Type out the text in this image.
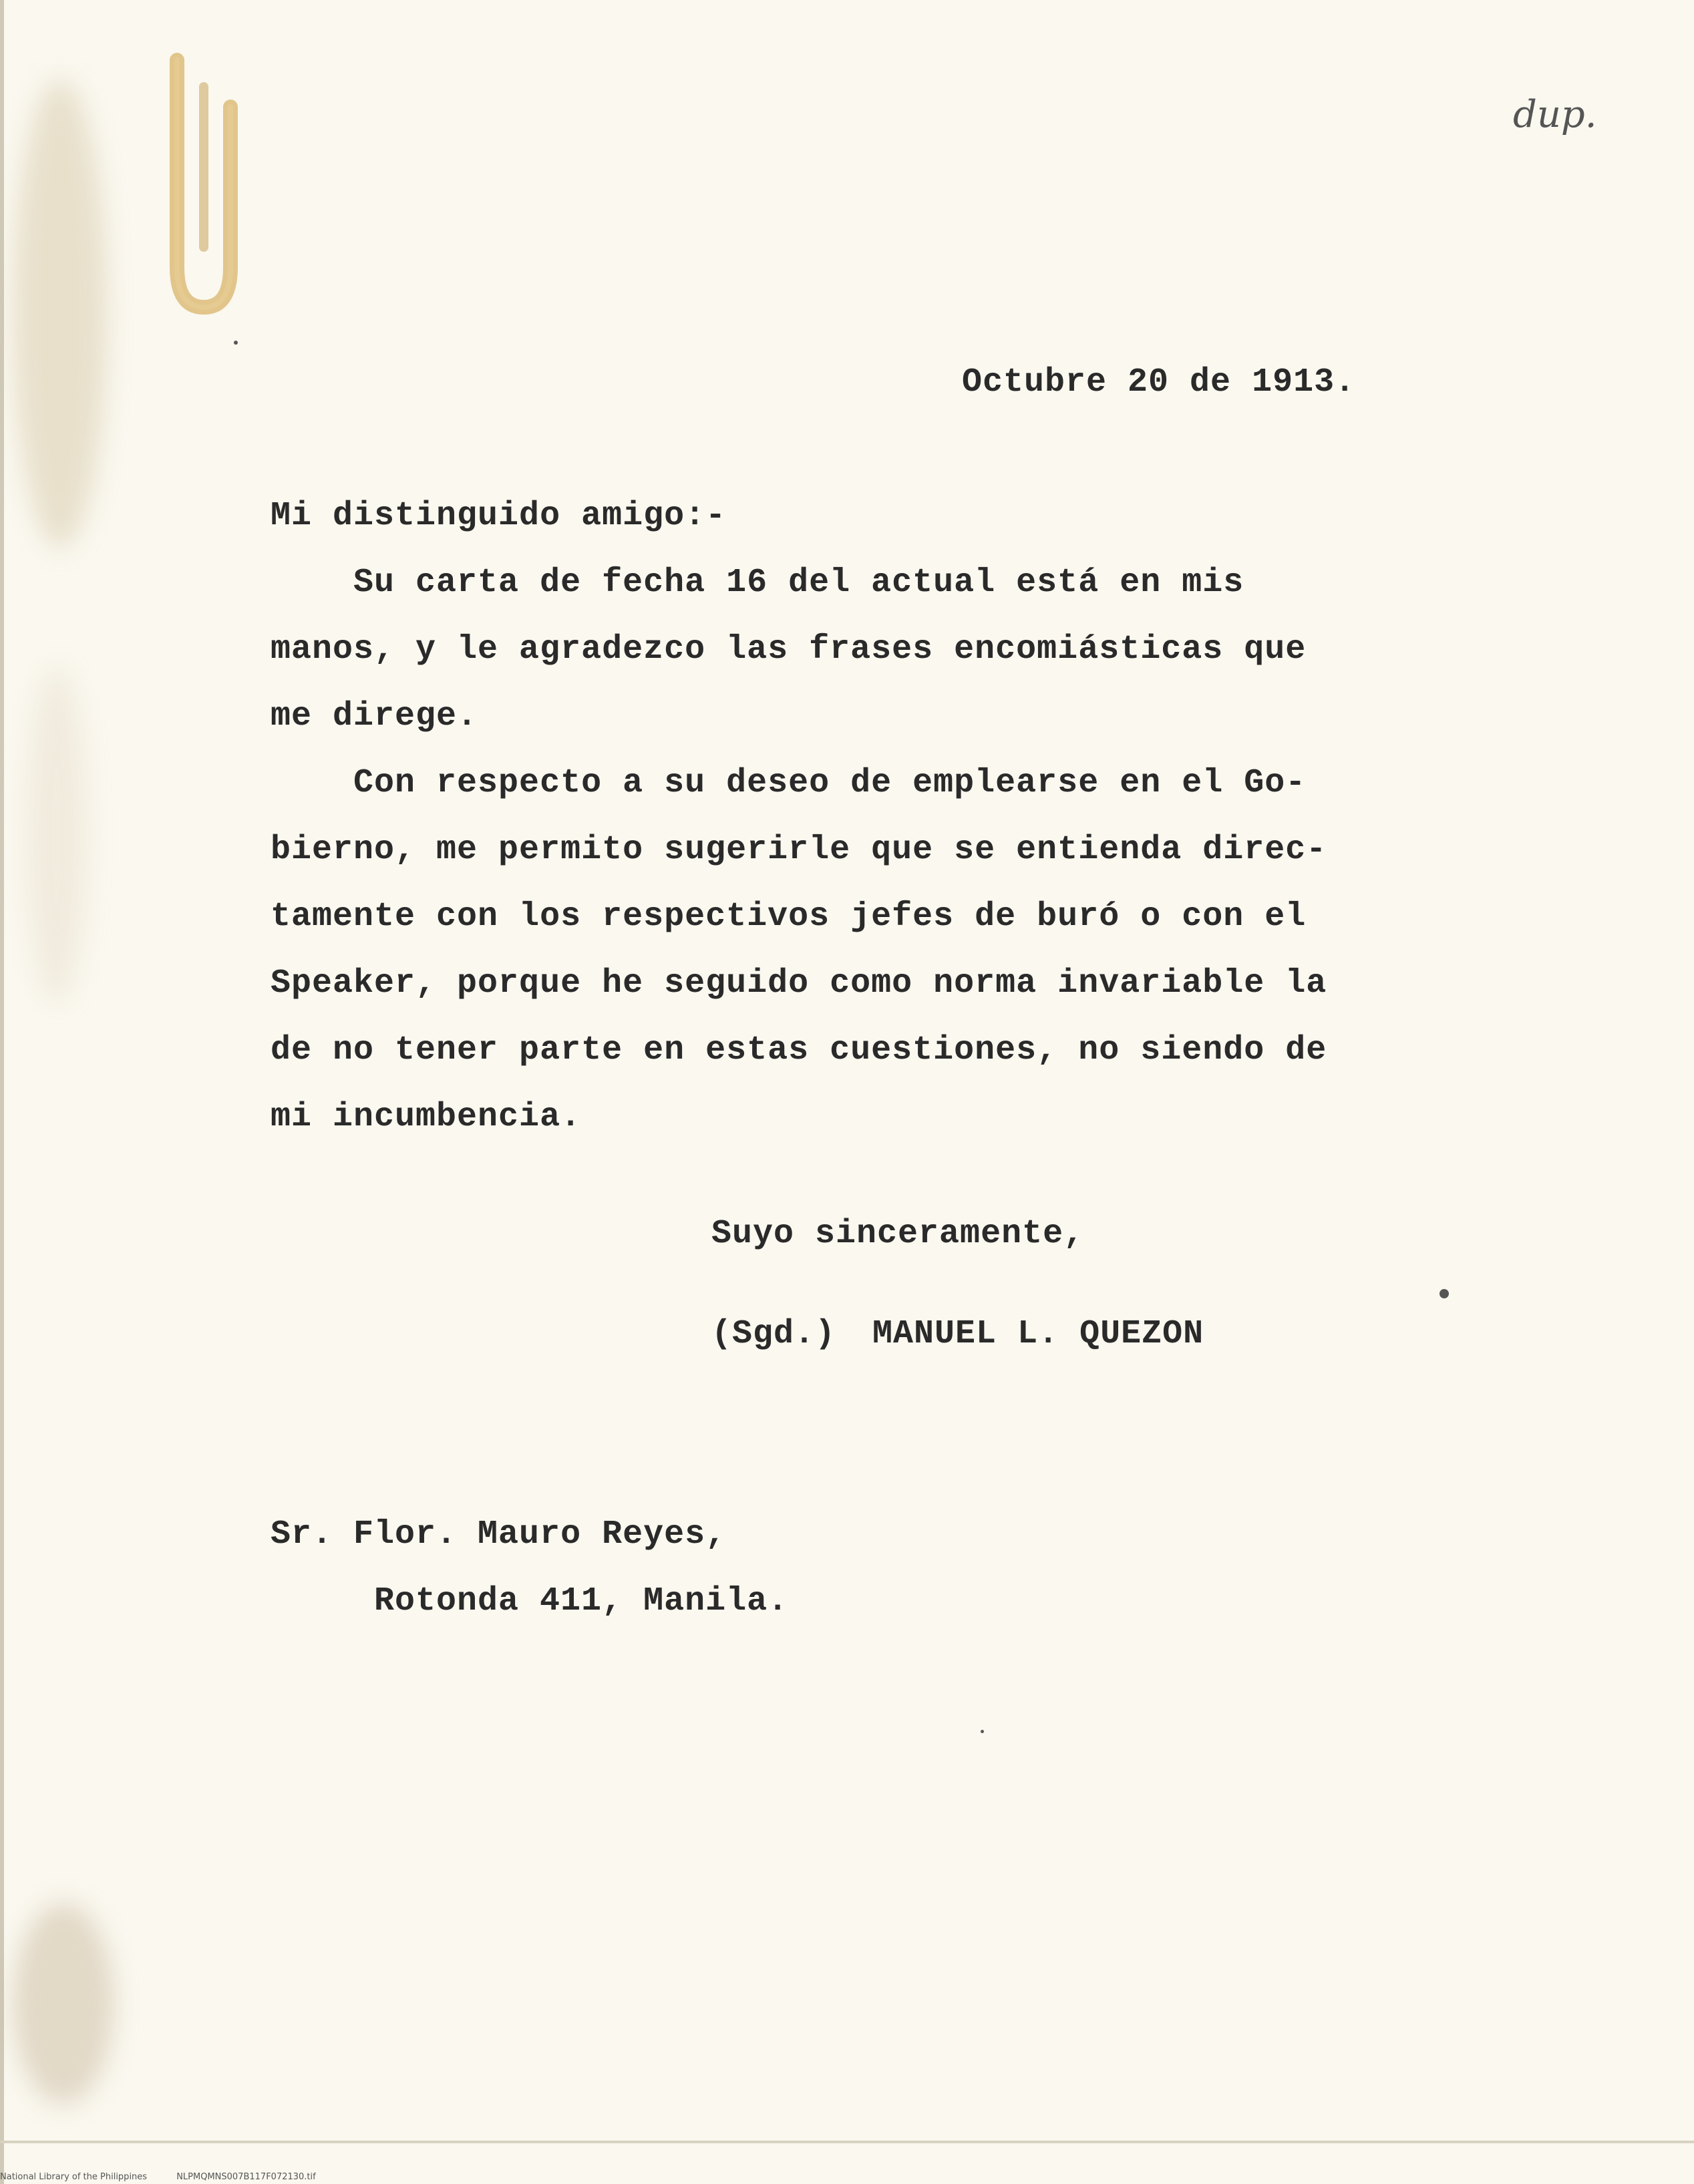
dup.

Octubre 20 de 1913.

Mi distinguido amigo:-

Su carta de fecha 16 del actual está en mis
manos, y le agradezco las frases encomiásticas que
me direge.
Con respecto a su deseo de emplearse en el Go-
bierno, me permito sugerirle que se entienda direc-
tamente con los respectivos jefes de buró o con el
Speaker, porque he seguido como norma invariable la
de no tener parte en estas cuestiones, no siendo de
mi incumbencia.

Suyo sinceramente,

(Sgd.) MANUEL L. QUEZON

Sr. Flor. Mauro Reyes,

Rotonda 411, Manila.

National Library of the Philippines	NLPMQMNS007B117F072130.tif
